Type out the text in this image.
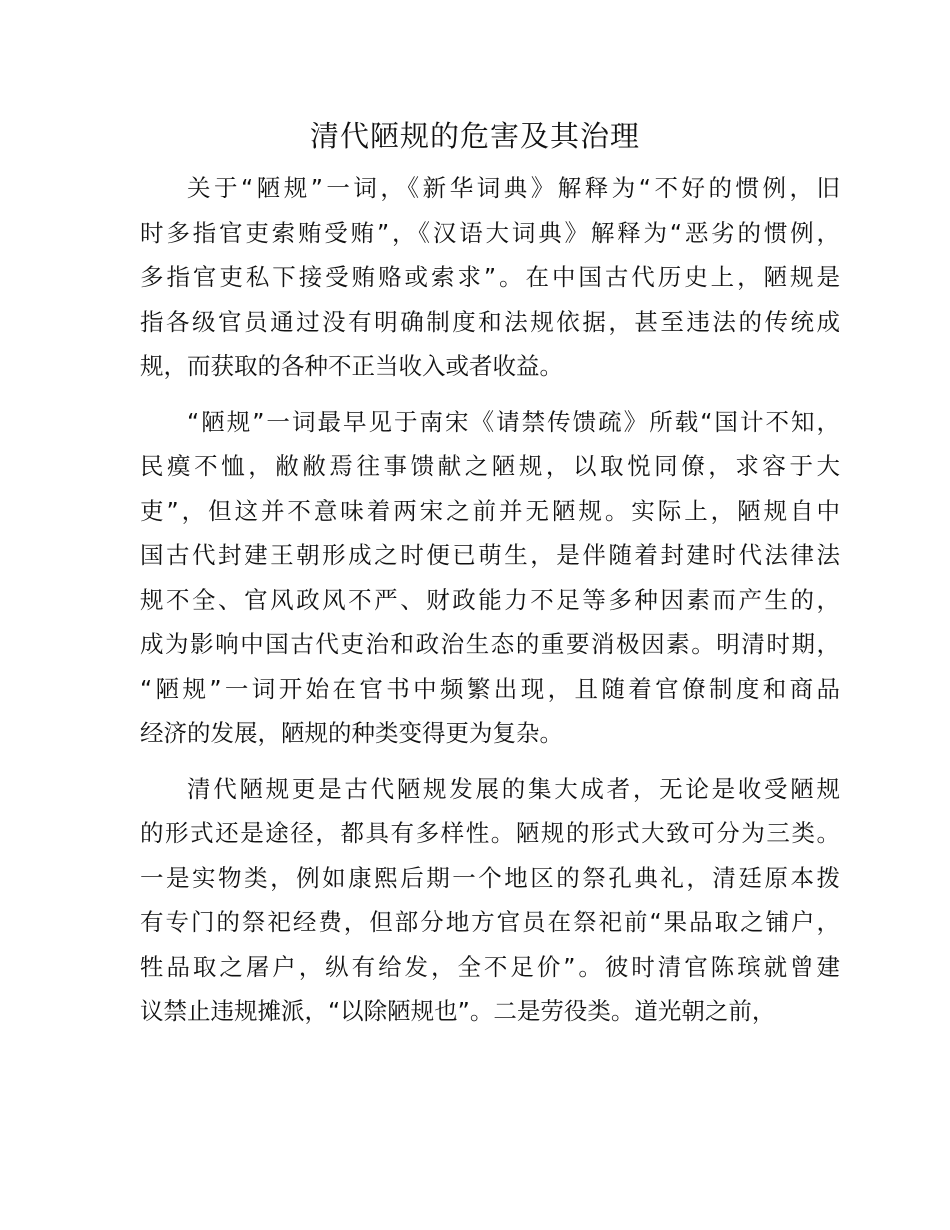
清代陋规的危害及其治理
关于“陋规”一词，《新华词典》解释为“不好的惯例，旧
时多指官吏索贿受贿”，《汉语大词典》解释为“恶劣的惯例，
多指官吏私下接受贿赂或索求”。在中国古代历史上，陋规是
指各级官员通过没有明确制度和法规依据，甚至违法的传统成
规，而获取的各种不正当收入或者收益。
“陋规”一词最早见于南宋《请禁传馈疏》所载“国计不知，
民瘼不恤，敝敝焉往事馈献之陋规，以取悦同僚，求容于大
吏”，但这并不意味着两宋之前并无陋规。实际上，陋规自中
国古代封建王朝形成之时便已萌生，是伴随着封建时代法律法
规不全、官风政风不严、财政能力不足等多种因素而产生的，
成为影响中国古代吏治和政治生态的重要消极因素。明清时期，
“陋规”一词开始在官书中频繁出现，且随着官僚制度和商品
经济的发展，陋规的种类变得更为复杂。
清代陋规更是古代陋规发展的集大成者，无论是收受陋规
的形式还是途径，都具有多样性。陋规的形式大致可分为三类。
一是实物类，例如康熙后期一个地区的祭孔典礼，清廷原本拨
有专门的祭祀经费，但部分地方官员在祭祀前“果品取之铺户，
牲品取之屠户，纵有给发，全不足价”。彼时清官陈瑸就曾建
议禁止违规摊派，“以除陋规也”。二是劳役类。道光朝之前，
